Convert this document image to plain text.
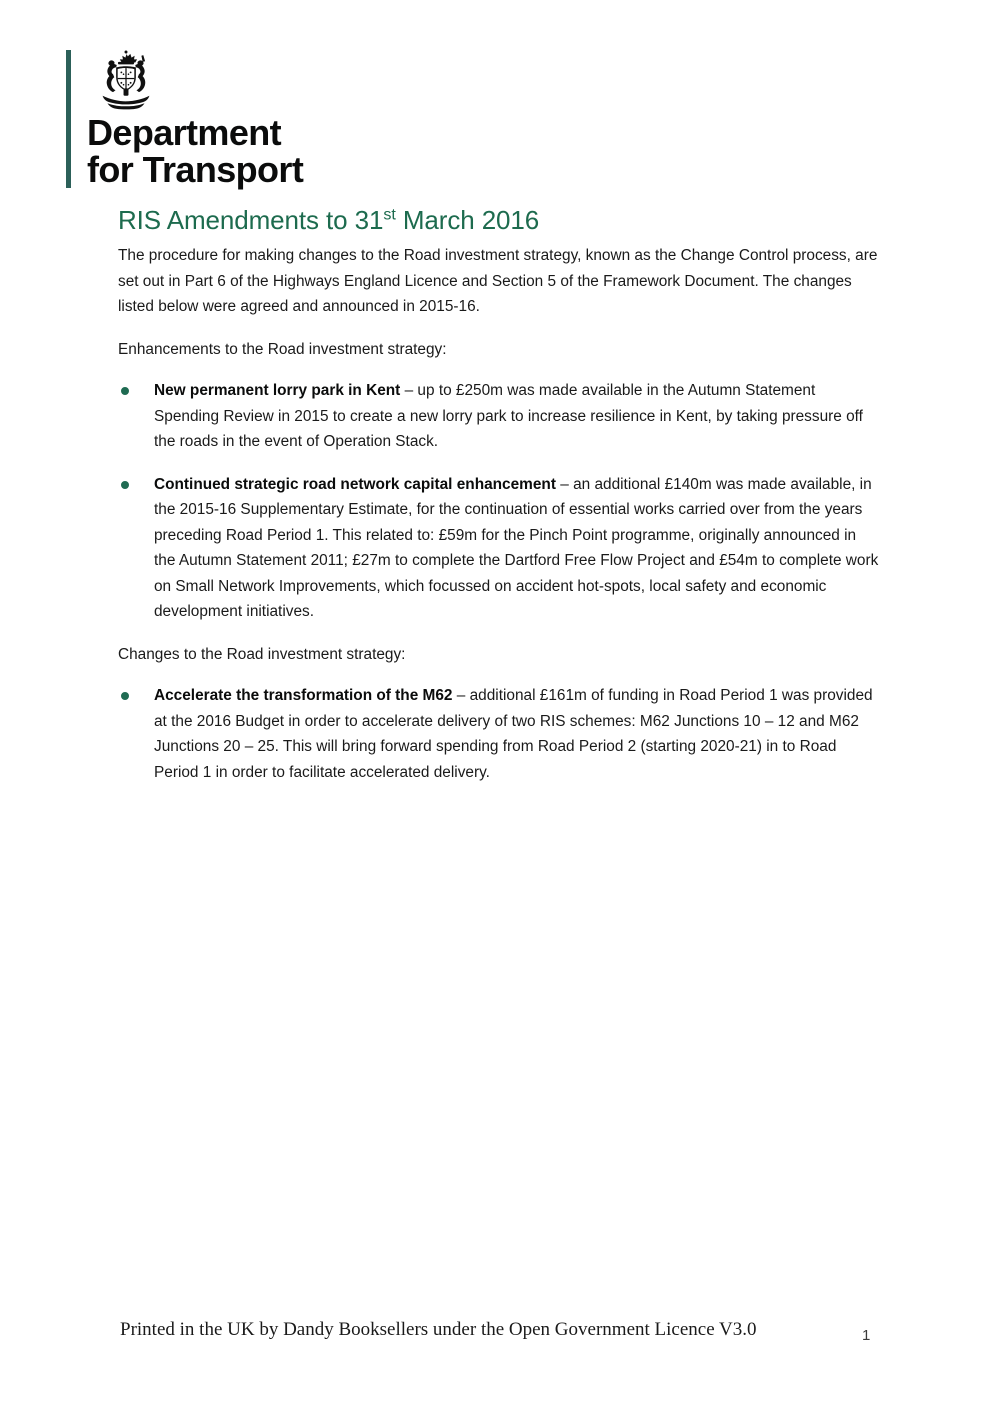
Department
for Transport
RIS Amendments to 31st March 2016

The procedure for making changes to the Road investment strategy, known as the Change Control process, are set out in Part 6 of the Highways England Licence and Section 5 of the Framework Document. The changes listed below were agreed and announced in 2015-16.

Enhancements to the Road investment strategy:

New permanent lorry park in Kent – up to £250m was made available in the Autumn Statement Spending Review in 2015 to create a new lorry park to increase resilience in Kent, by taking pressure off the roads in the event of Operation Stack.
Continued strategic road network capital enhancement – an additional £140m was made available, in the 2015-16 Supplementary Estimate, for the continuation of essential works carried over from the years preceding Road Period 1. This related to: £59m for the Pinch Point programme, originally announced in the Autumn Statement 2011; £27m to complete the Dartford Free Flow Project and £54m to complete work on Small Network Improvements, which focussed on accident hot-spots, local safety and economic development initiatives.

Changes to the Road investment strategy:

Accelerate the transformation of the M62 – additional £161m of funding in Road Period 1 was provided at the 2016 Budget in order to accelerate delivery of two RIS schemes: M62 Junctions 10 – 12 and M62 Junctions 20 – 25. This will bring forward spending from Road Period 2 (starting 2020-21) in to Road Period 1 in order to facilitate accelerated delivery.
Printed in the UK by Dandy Booksellers under the Open Government Licence V3.0	1
